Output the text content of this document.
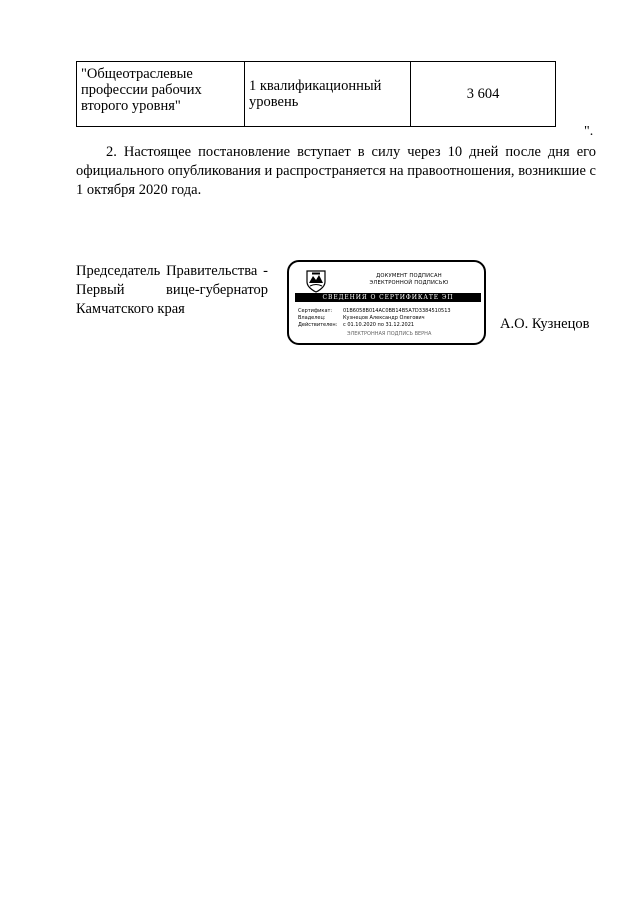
"Общеотраслевые профессии рабочих второго уровня"	1 квалификационный уровень	3 604
".

2. Настоящее постановление вступает в силу через 10 дней после дня его официального опубликования и распространяется на правоотношения, возникшие с 1 октября 2020 года.

Председатель Правительства -
Первый вице-губернатор
Камчатского края
А.О. Кузнецов
ДОКУМЕНТ ПОДПИСАН
ЭЛЕКТРОННОЙ ПОДПИСЬЮ
СВЕДЕНИЯ О СЕРТИФИКАТЕ ЭП
Сертификат: 01B6058B014AC0BB14B5A7D3384510513
Владелец:	Кузнецов Александр Олегович
Действителен: с 01.10.2020 по 31.12.2021
ЭЛЕКТРОННАЯ ПОДПИСЬ ВЕРНА
